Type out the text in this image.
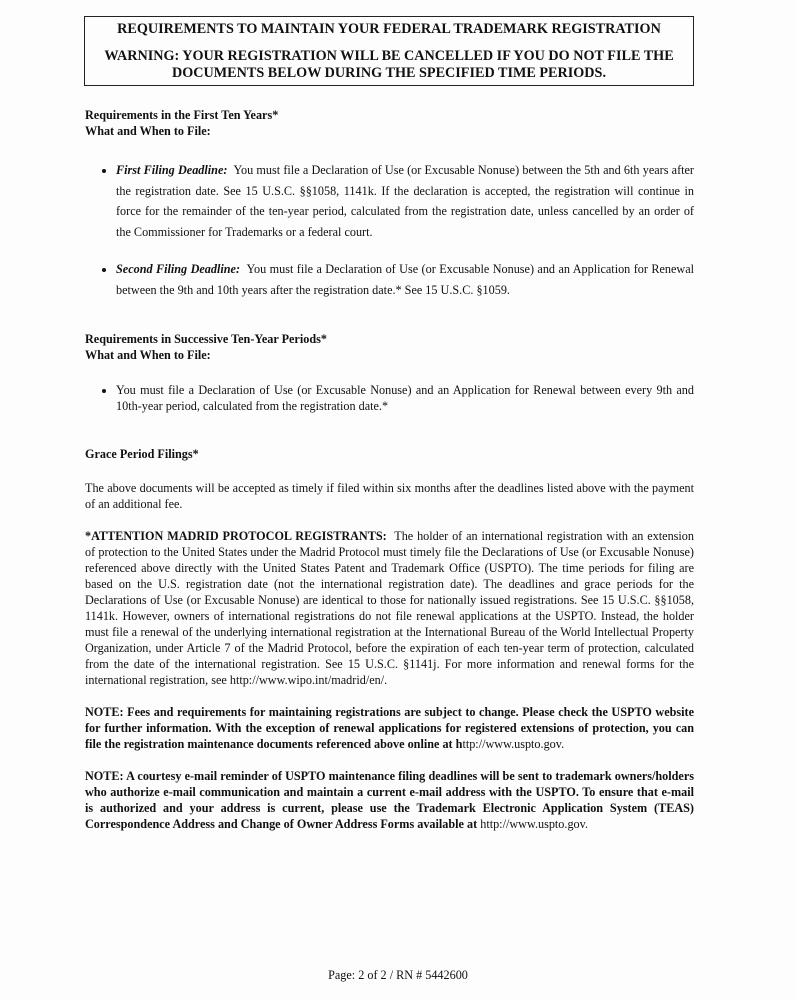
REQUIREMENTS TO MAINTAIN YOUR FEDERAL TRADEMARK REGISTRATION
WARNING: YOUR REGISTRATION WILL BE CANCELLED IF YOU DO NOT FILE THE DOCUMENTS BELOW DURING THE SPECIFIED TIME PERIODS.
Requirements in the First Ten Years*
What and When to File:
• First Filing Deadline: You must file a Declaration of Use (or Excusable Nonuse) between the 5th and 6th years after the registration date. See 15 U.S.C. §§1058, 1141k. If the declaration is accepted, the registration will continue in force for the remainder of the ten-year period, calculated from the registration date, unless cancelled by an order of the Commissioner for Trademarks or a federal court.
• Second Filing Deadline: You must file a Declaration of Use (or Excusable Nonuse) and an Application for Renewal between the 9th and 10th years after the registration date.* See 15 U.S.C. §1059.
Requirements in Successive Ten-Year Periods*
What and When to File:
• You must file a Declaration of Use (or Excusable Nonuse) and an Application for Renewal between every 9th and 10th-year period, calculated from the registration date.*
Grace Period Filings*

The above documents will be accepted as timely if filed within six months after the deadlines listed above with the payment of an additional fee.

*ATTENTION MADRID PROTOCOL REGISTRANTS: The holder of an international registration with an extension of protection to the United States under the Madrid Protocol must timely file the Declarations of Use (or Excusable Nonuse) referenced above directly with the United States Patent and Trademark Office (USPTO). The time periods for filing are based on the U.S. registration date (not the international registration date). The deadlines and grace periods for the Declarations of Use (or Excusable Nonuse) are identical to those for nationally issued registrations. See 15 U.S.C. §§1058, 1141k. However, owners of international registrations do not file renewal applications at the USPTO. Instead, the holder must file a renewal of the underlying international registration at the International Bureau of the World Intellectual Property Organization, under Article 7 of the Madrid Protocol, before the expiration of each ten-year term of protection, calculated from the date of the international registration. See 15 U.S.C. §1141j. For more information and renewal forms for the international registration, see http://www.wipo.int/madrid/en/.

NOTE: Fees and requirements for maintaining registrations are subject to change. Please check the USPTO website for further information. With the exception of renewal applications for registered extensions of protection, you can file the registration maintenance documents referenced above online at http://www.uspto.gov.

NOTE: A courtesy e-mail reminder of USPTO maintenance filing deadlines will be sent to trademark owners/holders who authorize e-mail communication and maintain a current e-mail address with the USPTO. To ensure that e-mail is authorized and your address is current, please use the Trademark Electronic Application System (TEAS) Correspondence Address and Change of Owner Address Forms available at http://www.uspto.gov.

Page: 2 of 2 / RN # 5442600
